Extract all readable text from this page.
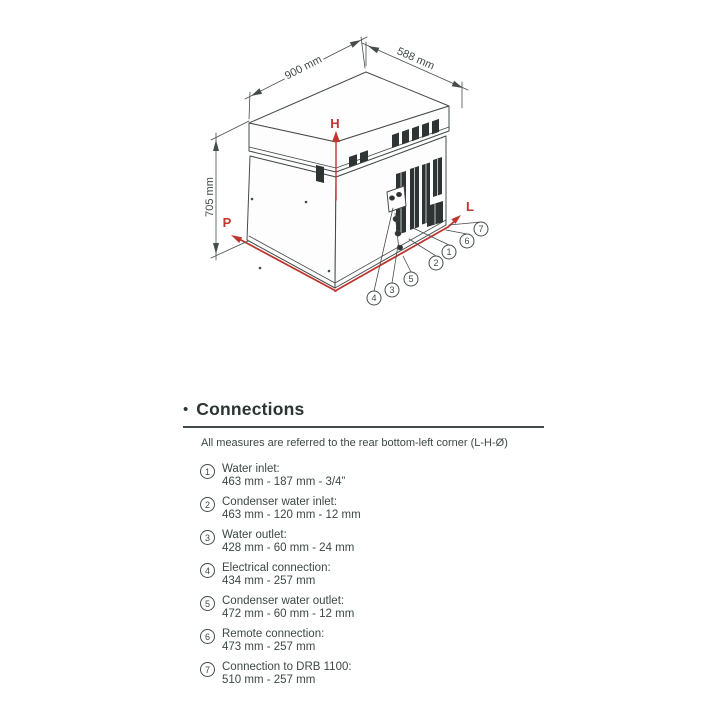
H
P
L
900 mm	588 mm
705 mm
4
3
5
2
1
6
7
• Connections

All measures are referred to the rear bottom-left corner (L-H-Ø)

1	Water inlet:
463 mm - 187 mm - 3/4”
2	Condenser water inlet:
463 mm - 120 mm - 12 mm
3	Water outlet:
428 mm - 60 mm - 24 mm
4	Electrical connection:
434 mm - 257 mm
5	Condenser water outlet:
472 mm - 60 mm - 12 mm
6	Remote connection:
473 mm - 257 mm
7	Connection to DRB 1100:
510 mm - 257 mm
